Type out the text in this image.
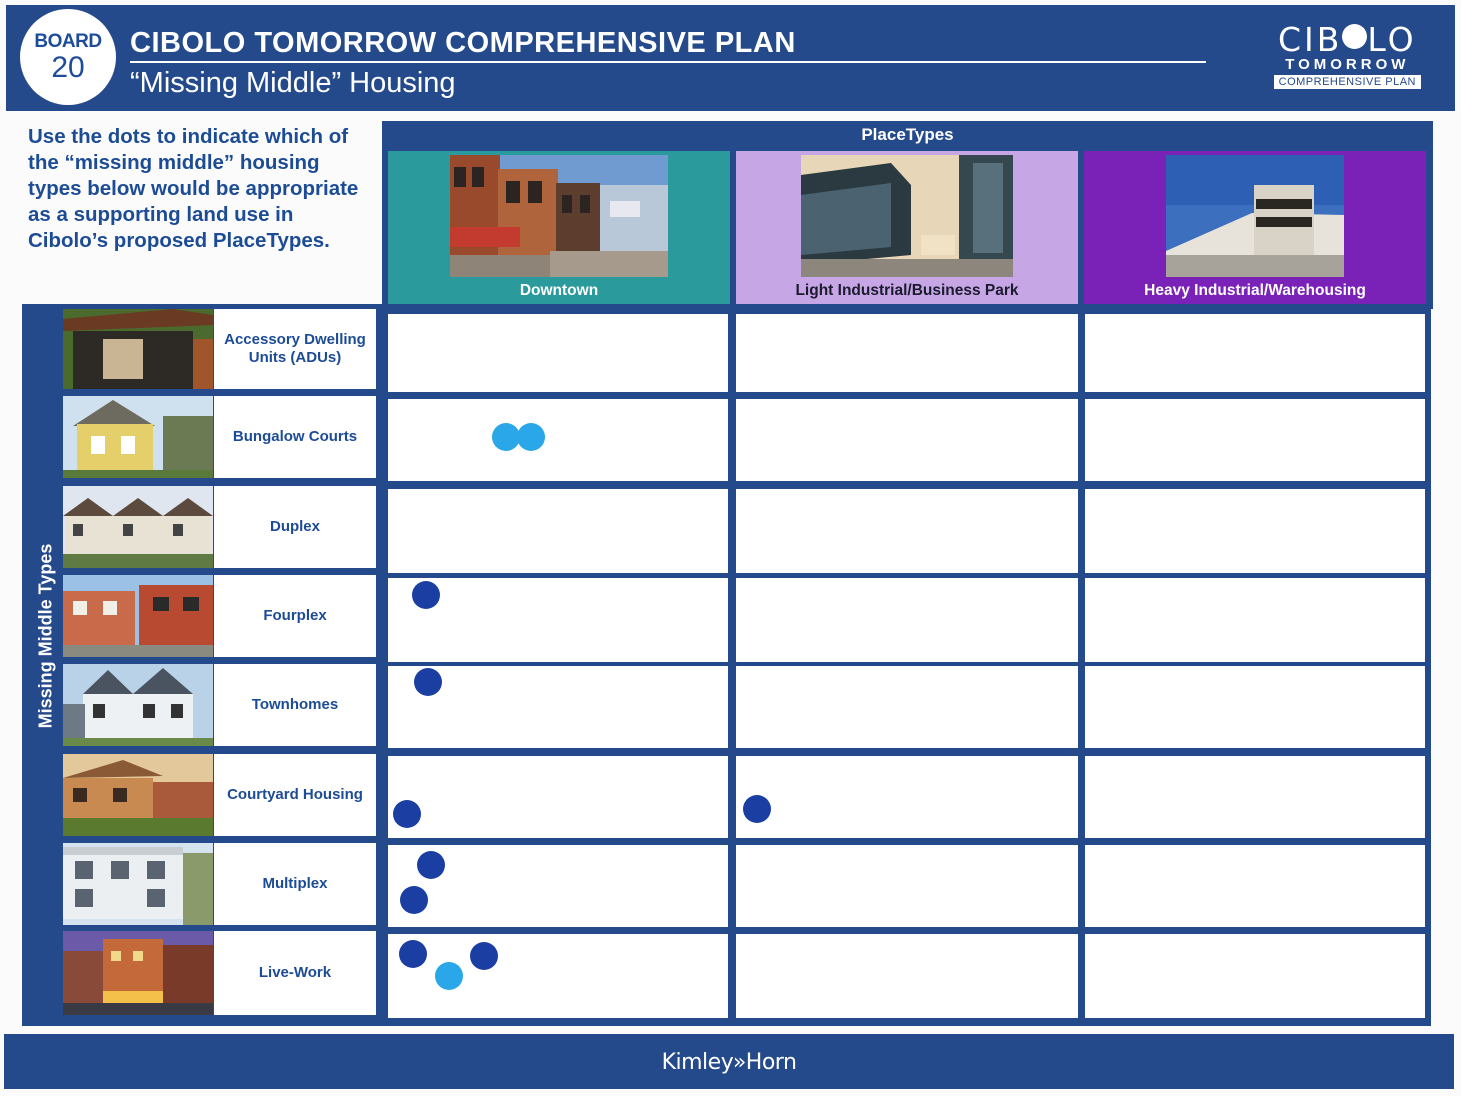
BOARD
20
CIBOLO TOMORROW COMPREHENSIVE PLAN
“Missing Middle” Housing
CIB LO
TOMORROW
COMPREHENSIVE PLAN
Use the dots to indicate which of the “missing middle” housing types below would be appropriate as a supporting land use in Cibolo’s proposed PlaceTypes.
PlaceTypes
Downtown	Light Industrial/Business Park	Heavy Industrial/Warehousing
Missing Middle Types
Accessory Dwelling Units (ADUs)
Bungalow Courts
Duplex
Fourplex
Townhomes
Courtyard Housing
Multiplex
Live-Work
Kimley»Horn
